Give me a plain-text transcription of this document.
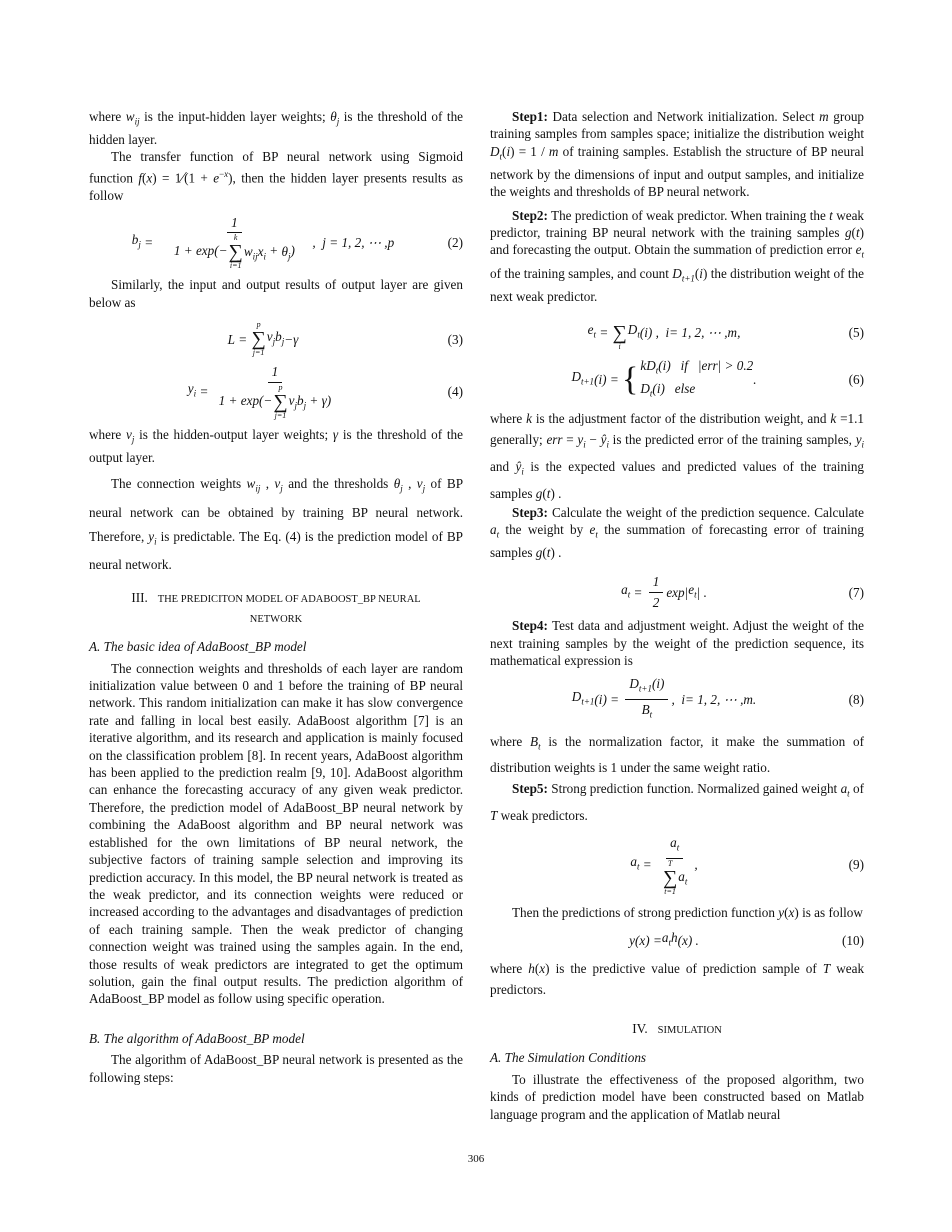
where $w_{ij}$ is the input-hidden layer weights; $\theta_j$ is the threshold of the hidden layer.

The transfer function of BP neural network using Sigmoid function f(x) = 1⁄(1 + $e^{-x}$), then the hidden layer presents results as follow

$b_j = 1$
1 + exp(−
k
∑
i=1
$w_{ij}x_i + \theta_j$) , j = 1, 2, ⋯ , p	(2)

Similarly, the input and output results of output layer are given below as

L =
p
∑
j=1
$v_jb_j - \gamma$	(3)
$y_i = 1$
1 + exp(−
p
∑
j=1
$v_jb_j + \gamma$)	(4)

where $v_j$ is the hidden-output layer weights; γ is the threshold of the output layer.

The connection weights $w_{ij}$ , $v_j$ and the thresholds $\theta_j$ , $v_j$ of BP neural network can be obtained by training BP neural network. Therefore, $y_i$ is predictable. The Eq. (4) is the prediction model of BP neural network.

III. THE PREDICITON MODEL OF ADABOOST_BP NEURAL
NETWORK
A. The basic idea of AdaBoost_BP model

The connection weights and thresholds of each layer are random initialization value between 0 and 1 before the training of BP neural network. This random initialization can make it has slow convergence rate and falling in local best easily. AdaBoost algorithm [7] is an iterative algorithm, and its research and application is mainly focused on the classification problem [8]. In recent years, AdaBoost algorithm has been applied to the prediction realm [9, 10]. AdaBoost algorithm can enhance the forecasting accuracy of any given weak predictor. Therefore, the prediction model of AdaBoost_BP neural network by combining the AdaBoost algorithm and BP neural network was established for the own limitations of BP neural network, the subjective factors of training sample selection and improving its prediction accuracy. In this model, the BP neural network is treated as the weak predictor, and its connection weights were reduced or increased according to the advantages and disadvantages of prediction of each training sample. Then the weak predictor of changing connection weight was trained using the samples again. In the end, those results of weak predictors are integrated to get the optimum solution, gain the final output results. The prediction algorithm of AdaBoost_BP model as follow using specific operation.

B. The algorithm of AdaBoost_BP model

The algorithm of AdaBoost_BP neural network is presented as the following steps:

Step1: Data selection and Network initialization. Select m group training samples from samples space; initialize the distribution weight $D_t(i) = 1 / m$ of training samples. Establish the structure of BP neural network by the dimensions of input and output samples, and initialize the weights and thresholds of BP neural network.

Step2: The prediction of weak predictor. When training the t weak predictor, training BP neural network with the training samples g(t) and forecasting the output. Obtain the summation of prediction error $e_t$ of the training samples, and count $D_{t+1}(i)$ the distribution weight of the next weak predictor.

$e_t$ =
∑
i
$D_t$ ( i ) , i = 1, 2, ⋯ , m ,	(5)
$D_{t+1}$ ( i ) = { $kD_t(i)$   if   |err| > 0.2
$D_t(i)$   else
.	(6)

where k is the adjustment factor of the distribution weight, and k =1.1 generally; err = $y_i$ − $ŷ_i$ is the predicted error of the training samples, $y_i$ and $ŷ_i$ is the expected values and predicted values of the training samples g(t) .

Step3: Calculate the weight of the prediction sequence. Calculate $a_t$ the weight by $e_t$ the summation of forecasting error of training samples g(t) .

$a_t = \frac{1}{2} \exp|$ $e_t$ | .	(7)

Step4: Test data and adjustment weight. Adjust the weight of the next training samples by the weight of the prediction sequence, its mathematical expression is

$D_{t+1}$ ( i ) = $\frac{D_{t+1}(i)}{B_t}$ , i = 1, 2, ⋯ , m .	(8)

where $B_t$ is the normalization factor, it make the summation of distribution weights is 1 under the same weight ratio.

Step5: Strong prediction function. Normalized gained weight $a_t$ of T weak predictors.

$a_t = a_t$
T
∑
t=1
$a_t$ ,	(9)

Then the predictions of strong prediction function y(x) is as follow

y ( x ) = $a_th$ ( x ) .	(10)

where h(x) is the predictive value of prediction sample of T weak predictors.

IV. SIMULATION
A. The Simulation Conditions

To illustrate the effectiveness of the proposed algorithm, two kinds of prediction model have been constructed based on Matlab language program and the application of Matlab neural

306
